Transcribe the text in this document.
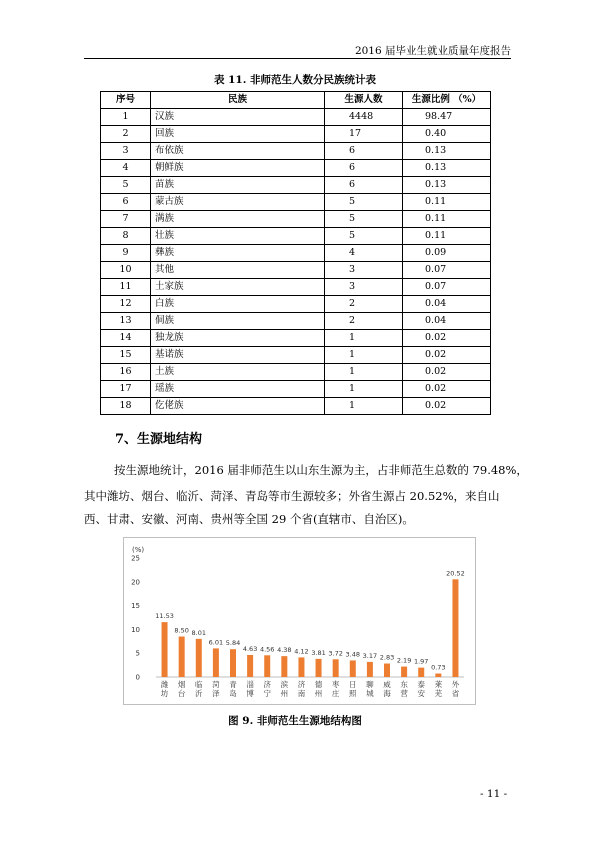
2016 届毕业生就业质量年度报告
表 11. 非师范生人数分民族统计表
序号	民族	生源人数	生源比例 （%）
1	汉族	4448	98.47
2	回族	17	0.40
3	布依族	6	0.13
4	朝鲜族	6	0.13
5	苗族	6	0.13
6	蒙古族	5	0.11
7	满族	5	0.11
8	壮族	5	0.11
9	彝族	4	0.09
10	其他	3	0.07
11	土家族	3	0.07
12	白族	2	0.04
13	侗族	2	0.04
14	独龙族	1	0.02
15	基诺族	1	0.02
16	土族	1	0.02
17	瑶族	1	0.02
18	仡佬族	1	0.02
7、生源地结构
按生源地统计，2016 届非师范生以山东生源为主，占非师范生总数的 79.48%，
其中潍坊、烟台、临沂、菏泽、青岛等市生源较多；外省生源占 20.52%，来自山
西、甘肃、安徽、河南、贵州等全国 29 个省(直辖市、自治区)。
(%)
0
5
10
15
20
25
11.53
潍
坊
8.50
烟
台
8.01
临
沂
6.01
菏
泽
5.84
青
岛
4.63
淄
博
4.56
济
宁
4.38
滨
州
4.12
济
南
3.81
德
州
3.72
枣
庄
3.48
日
照
3.17
聊
城
2.83
威
海
2.19
东
营
1.97
泰
安
0.73
莱
芜
20.52
外
省
图 9. 非师范生生源地结构图
- 11 -
